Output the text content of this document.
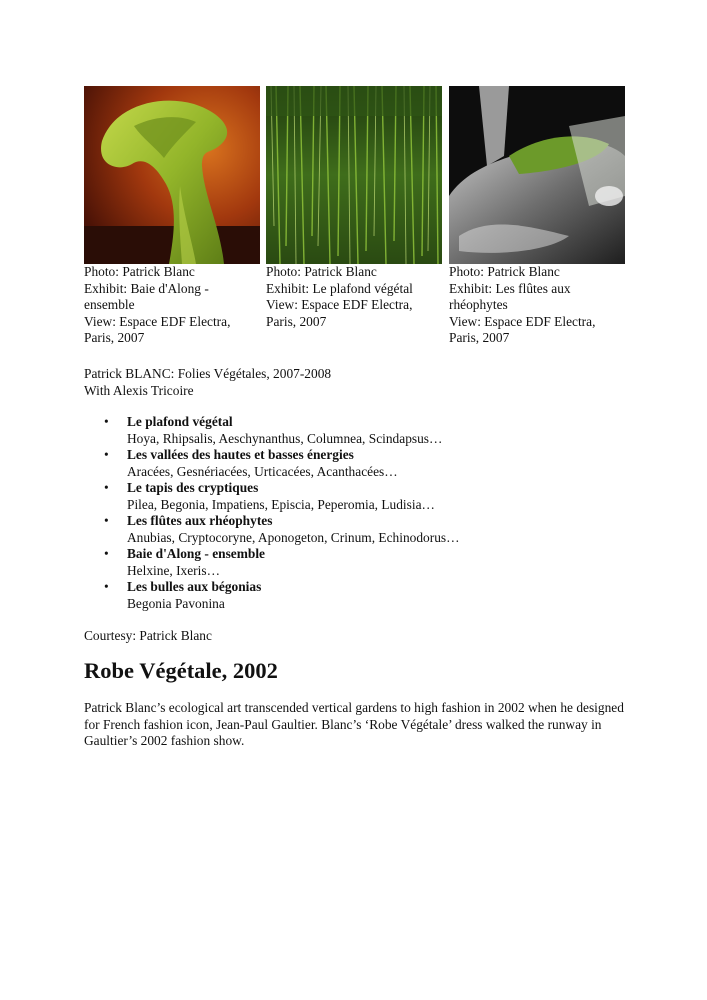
Photo: Patrick Blanc
Exhibit: Baie d'Along - ensemble
View: Espace EDF Electra, Paris, 2007
Photo: Patrick Blanc
Exhibit: Le plafond végétal
View: Espace EDF Electra, Paris, 2007
Photo: Patrick Blanc
Exhibit: Les flûtes aux rhéophytes
View: Espace EDF Electra, Paris, 2007
Patrick BLANC: Folies Végétales, 2007-2008
With Alexis Tricoire
• Le plafond végétal
Hoya, Rhipsalis, Aeschynanthus, Columnea, Scindapsus…
• Les vallées des hautes et basses énergies
Aracées, Gesnériacées, Urticacées, Acanthacées…
• Le tapis des cryptiques
Pilea, Begonia, Impatiens, Episcia, Peperomia, Ludisia…
• Les flûtes aux rhéophytes
Anubias, Cryptocoryne, Aponogeton, Crinum, Echinodorus…
• Baie d'Along - ensemble
Helxine, Ixeris…
• Les bulles aux bégonias
Begonia Pavonina
Courtesy: Patrick Blanc
Robe Végétale, 2002

Patrick Blanc’s ecological art transcended vertical gardens to high fashion in 2002 when he designed for French fashion icon, Jean-Paul Gaultier. Blanc’s ‘Robe Végétale’ dress walked the runway in Gaultier’s 2002 fashion show.
